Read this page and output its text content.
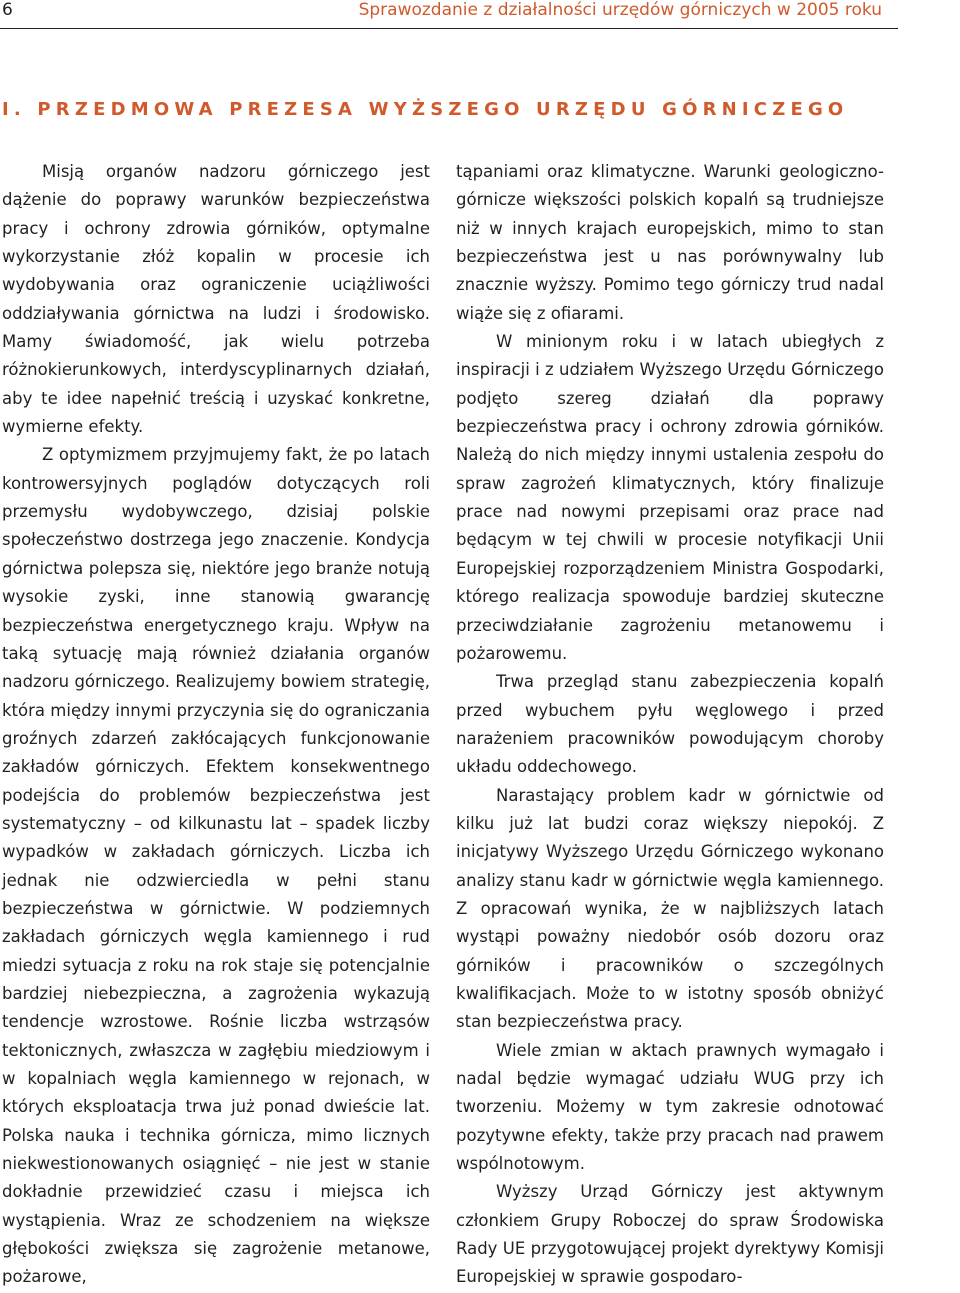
6	Sprawozdanie z działalności urzędów górniczych w 2005 roku
I. PRZEDMOWA PREZESA WYŻSZEGO URZĘDU GÓRNICZEGO

Misją organów nadzoru górniczego jest dążenie do poprawy warunków bezpieczeństwa pracy i ochrony zdrowia górników, optymalne wykorzystanie złóż kopalin w procesie ich wydobywania oraz ograniczenie uciążliwości oddziaływania górnictwa na ludzi i środowisko. Mamy świadomość, jak wielu potrzeba różnokierunkowych, interdyscyplinarnych działań, aby te idee napełnić treścią i uzyskać konkretne, wymierne efekty.

Z optymizmem przyjmujemy fakt, że po latach kontrowersyjnych poglądów dotyczących roli przemysłu wydobywczego, dzisiaj polskie społeczeństwo dostrzega jego znaczenie. Kondycja górnictwa polepsza się, niektóre jego branże notują wysokie zyski, inne stanowią gwarancję bezpieczeństwa energetycznego kraju. Wpływ na taką sytuację mają również działania organów nadzoru górniczego. Realizujemy bowiem strategię, która między innymi przyczynia się do ograniczania groźnych zdarzeń zakłócających funkcjonowanie zakładów górniczych. Efektem konsekwentnego podejścia do problemów bezpieczeństwa jest systematyczny – od kilkunastu lat – spadek liczby wypadków w zakładach górniczych. Liczba ich jednak nie odzwierciedla w pełni stanu bezpieczeństwa w górnictwie. W podziemnych zakładach górniczych węgla kamiennego i rud miedzi sytuacja z roku na rok staje się potencjalnie bardziej niebezpieczna, a zagrożenia wykazują tendencje wzrostowe. Rośnie liczba wstrząsów tektonicznych, zwłaszcza w zagłębiu miedziowym i w kopalniach węgla kamiennego w rejonach, w których eksploatacja trwa już ponad dwieście lat. Polska nauka i technika górnicza, mimo licznych niekwestionowanych osiągnięć – nie jest w stanie dokładnie przewidzieć czasu i miejsca ich wystąpienia. Wraz ze schodzeniem na większe głębokości zwiększa się zagrożenie metanowe, pożarowe,

tąpaniami oraz klimatyczne. Warunki geologiczno-górnicze większości polskich kopalń są trudniejsze niż w innych krajach europejskich, mimo to stan bezpieczeństwa jest u nas porównywalny lub znacznie wyższy. Pomimo tego górniczy trud nadal wiąże się z ofiarami.

W minionym roku i w latach ubiegłych z inspiracji i z udziałem Wyższego Urzędu Górniczego podjęto szereg działań dla poprawy bezpieczeństwa pracy i ochrony zdrowia górników. Należą do nich między innymi ustalenia zespołu do spraw zagrożeń klimatycznych, który finalizuje prace nad nowymi przepisami oraz prace nad będącym w tej chwili w procesie notyfikacji Unii Europejskiej rozporządzeniem Ministra Gospodarki, którego realizacja spowoduje bardziej skuteczne przeciwdziałanie zagrożeniu metanowemu i pożarowemu.

Trwa przegląd stanu zabezpieczenia kopalń przed wybuchem pyłu węglowego i przed narażeniem pracowników powodującym choroby układu oddechowego.

Narastający problem kadr w górnictwie od kilku już lat budzi coraz większy niepokój. Z inicjatywy Wyższego Urzędu Górniczego wykonano analizy stanu kadr w górnictwie węgla kamiennego. Z opracowań wynika, że w najbliższych latach wystąpi poważny niedobór osób dozoru oraz górników i pracowników o szczególnych kwalifikacjach. Może to w istotny sposób obniżyć stan bezpieczeństwa pracy.

Wiele zmian w aktach prawnych wymagało i nadal będzie wymagać udziału WUG przy ich tworzeniu. Możemy w tym zakresie odnotować pozytywne efekty, także przy pracach nad prawem wspólnotowym.

Wyższy Urząd Górniczy jest aktywnym członkiem Grupy Roboczej do spraw Środowiska Rady UE przygotowującej projekt dyrektywy Komisji Europejskiej w sprawie gospodaro-
